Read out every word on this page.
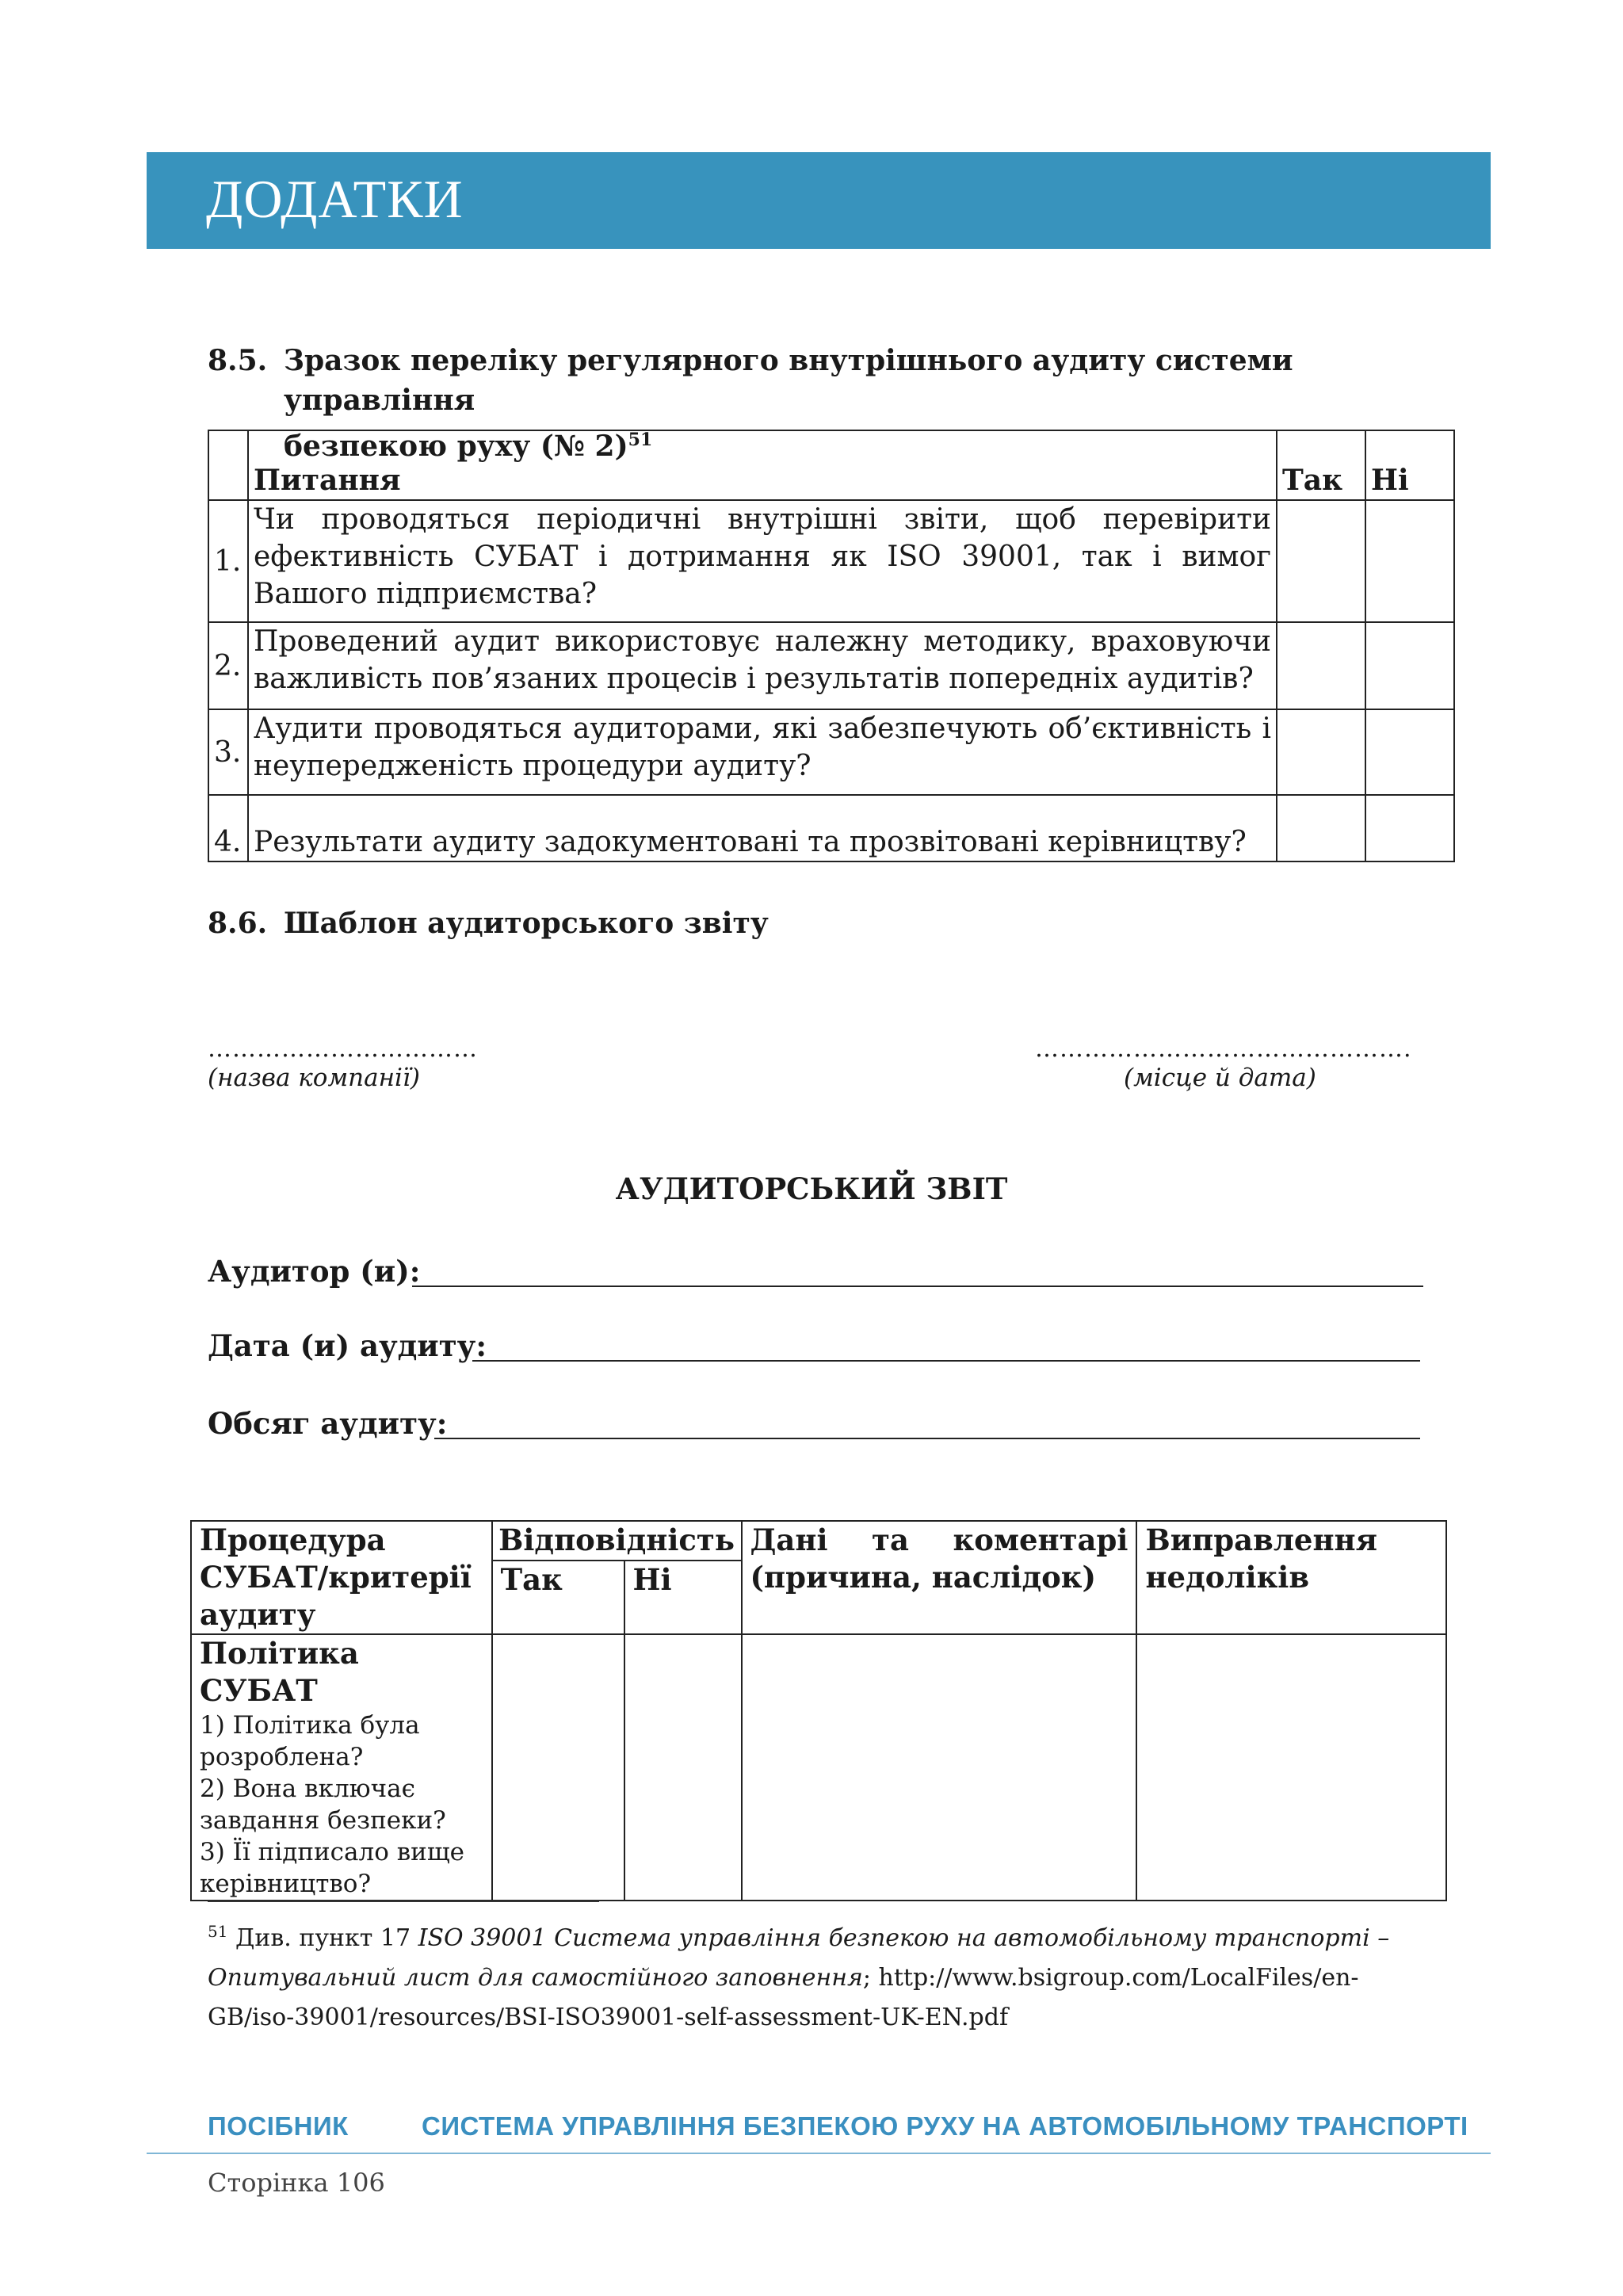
ДОДАТКИ
8.5. Зразок переліку регулярного внутрішнього аудиту системи управління
безпекою руху (№ 2)$^{51}$
	Питання	Так	Ні
1.	Чи проводяться періодичні внутрішні звіти, щоб перевірити ефективність СУБАТ і дотримання як ISO 39001, так і вимог Вашого підприємства?		
2.	Проведений аудит використовує належну методику, враховуючи важливість пов’язаних процесів і результатів попередніх аудитів?		
3.	Аудити проводяться аудиторами, які забезпечують об’єктивність і неупередженість процедури аудиту?		
4.	Результати аудиту задокументовані та прозвітовані керівництву?		
8.6. Шаблон аудиторського звіту
……………………………
(назва компанії)
……………………………………….
(місце й дата)
АУДИТОРСЬКИЙ ЗВІТ
Аудитор (и):
Дата (и) аудиту:
Обсяг аудиту:
Процедура СУБАТ/критерії аудиту	Відповідність		Дані та коментарі (причина, наслідок)	Виправлення недоліків
	Так	Ні		

Політика СУБАТ
1) Політика була розроблена?
2) Вона включає завдання безпеки?
3) Її підписало вище керівництво?				

$^{51}$ Див. пункт 17 ISO 39001 Система управління безпекою на автомобільному транспорті – Опитувальний лист для самостійного заповнення; http://www.bsigroup.com/LocalFiles/en-GB/iso-39001/resources/BSI-ISO39001-self-assessment-UK-EN.pdf
ПОСІБНИК	СИСТЕМА УПРАВЛІННЯ БЕЗПЕКОЮ РУХУ НА АВТОМОБІЛЬНОМУ ТРАНСПОРТІ
Сторінка 106
